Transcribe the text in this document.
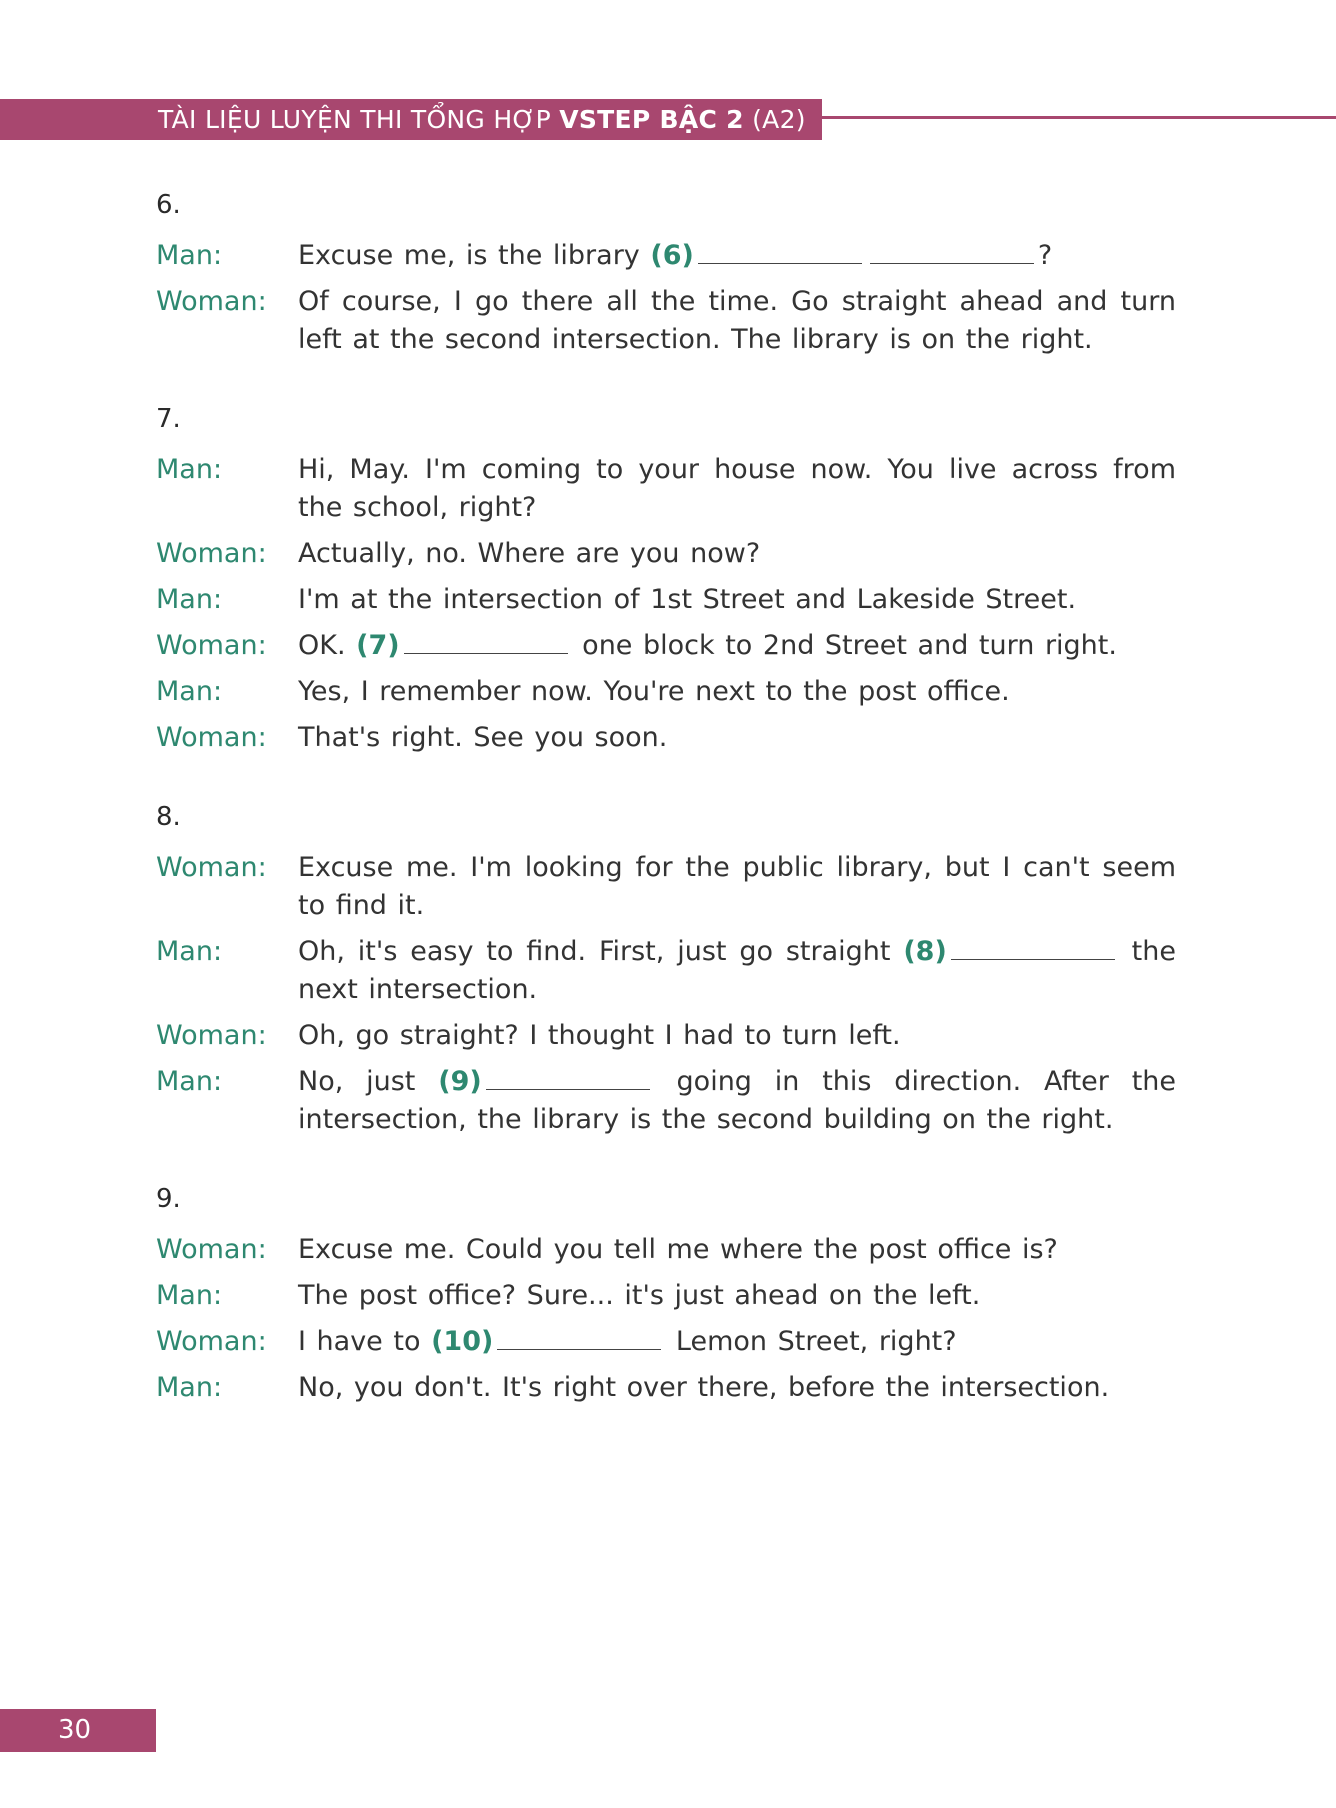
TÀI LIỆU LUYỆN THI TỔNG HỢP VSTEP BẬC 2 (A2)
6.
Man:	Excuse me, is the library (6)	?
Woman:	Of course, I go there all the time. Go straight ahead and turn left at the second intersection. The library is on the right.
7.
Man:	Hi, May. I'm coming to your house now. You live across from the school, right?
Woman:	Actually, no. Where are you now?
Man:	I'm at the intersection of 1st Street and Lakeside Street.
Woman:	OK. (7)	one block to 2nd Street and turn right.
Man:	Yes, I remember now. You're next to the post office.
Woman:	That's right. See you soon.
8.
Woman:	Excuse me. I'm looking for the public library, but I can't seem to find it.
Man:	Oh, it's easy to find. First, just go straight (8)	the next intersection.
Woman:	Oh, go straight? I thought I had to turn left.
Man:	No, just (9)	going in this direction. After the intersection, the library is the second building on the right.
9.
Woman:	Excuse me. Could you tell me where the post office is?
Man:	The post office? Sure... it's just ahead on the left.
Woman:	I have to (10)	Lemon Street, right?
Man:	No, you don't. It's right over there, before the intersection.
30
